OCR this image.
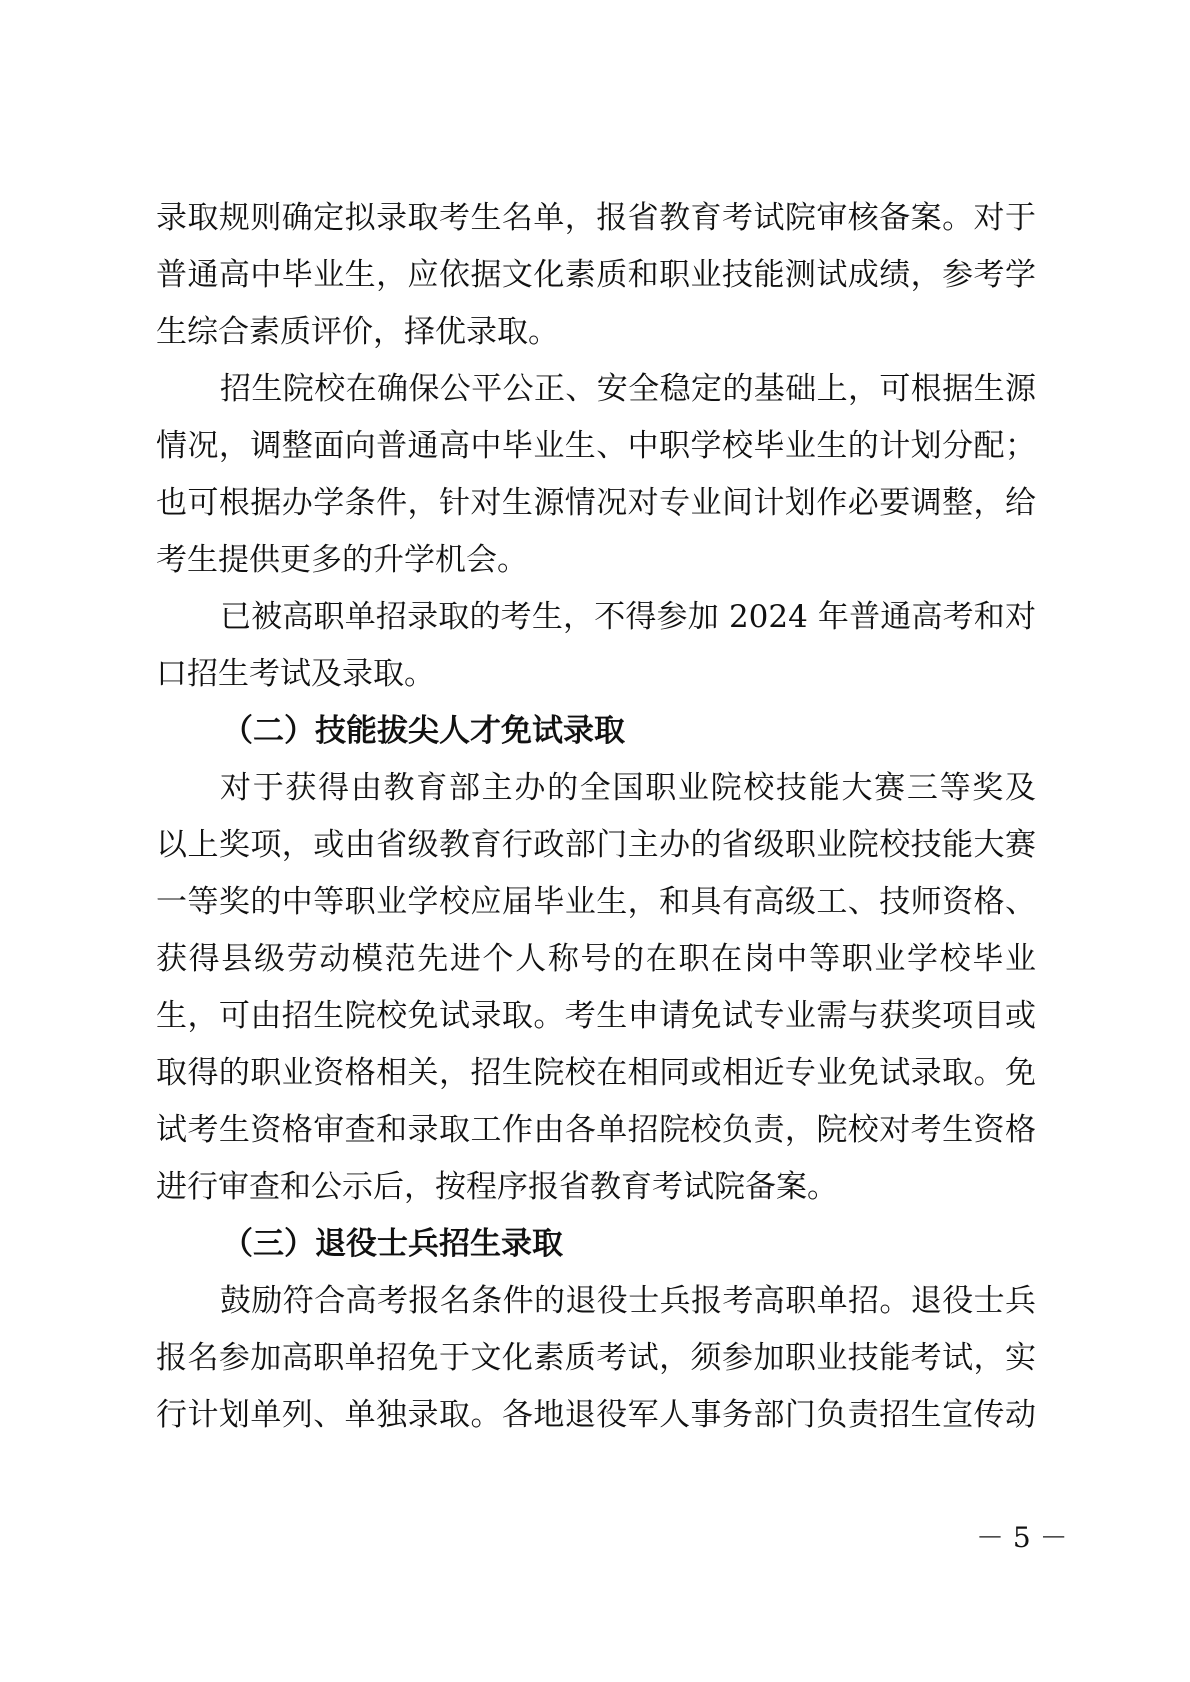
录取规则确定拟录取考生名单，报省教育考试院审核备案。对于
普通高中毕业生，应依据文化素质和职业技能测试成绩，参考学
生综合素质评价，择优录取。
招生院校在确保公平公正、安全稳定的基础上，可根据生源
情况，调整面向普通高中毕业生、中职学校毕业生的计划分配；
也可根据办学条件，针对生源情况对专业间计划作必要调整，给
考生提供更多的升学机会。
已被高职单招录取的考生，不得参加 2024 年普通高考和对
口招生考试及录取。
（二）技能拔尖人才免试录取
对于获得由教育部主办的全国职业院校技能大赛三等奖及
以上奖项，或由省级教育行政部门主办的省级职业院校技能大赛
一等奖的中等职业学校应届毕业生，和具有高级工、技师资格、
获得县级劳动模范先进个人称号的在职在岗中等职业学校毕业
生，可由招生院校免试录取。考生申请免试专业需与获奖项目或
取得的职业资格相关，招生院校在相同或相近专业免试录取。免
试考生资格审查和录取工作由各单招院校负责，院校对考生资格
进行审查和公示后，按程序报省教育考试院备案。
（三）退役士兵招生录取
鼓励符合高考报名条件的退役士兵报考高职单招。退役士兵
报名参加高职单招免于文化素质考试，须参加职业技能考试，实
行计划单列、单独录取。各地退役军人事务部门负责招生宣传动
－ 5 －
